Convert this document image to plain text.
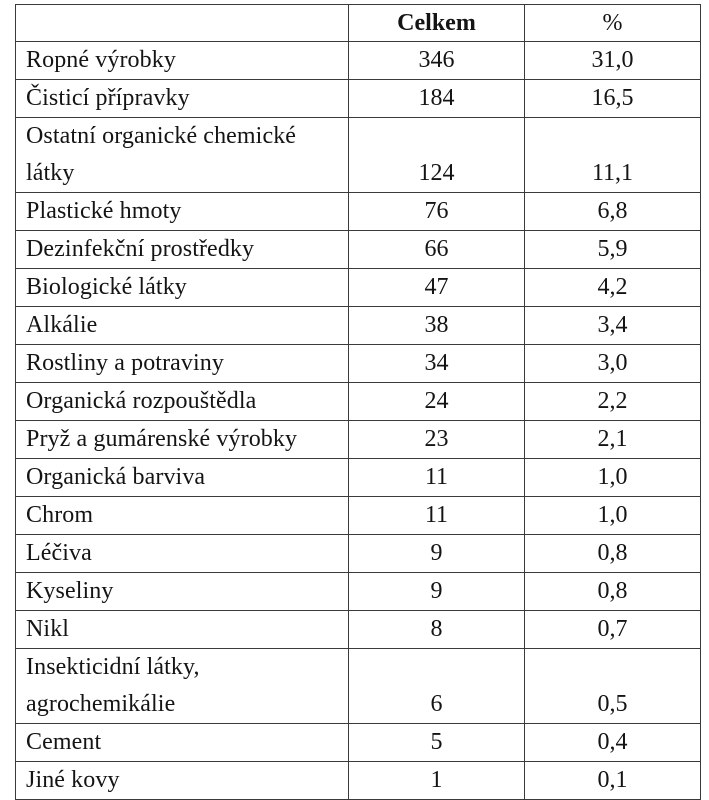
	Celkem	%
Ropné výrobky	346	31,0
Čisticí přípravky	184	16,5
Ostatní organické chemické látky	124	11,1
Plastické hmoty	76	6,8
Dezinfekční prostředky	66	5,9
Biologické látky	47	4,2
Alkálie	38	3,4
Rostliny a potraviny	34	3,0
Organická rozpouštědla	24	2,2
Pryž a gumárenské výrobky	23	2,1
Organická barviva	11	1,0
Chrom	11	1,0
Léčiva	9	0,8
Kyseliny	9	0,8
Nikl	8	0,7
Insekticidní látky, agrochemikálie	6	0,5
Cement	5	0,4
Jiné kovy	1	0,1
